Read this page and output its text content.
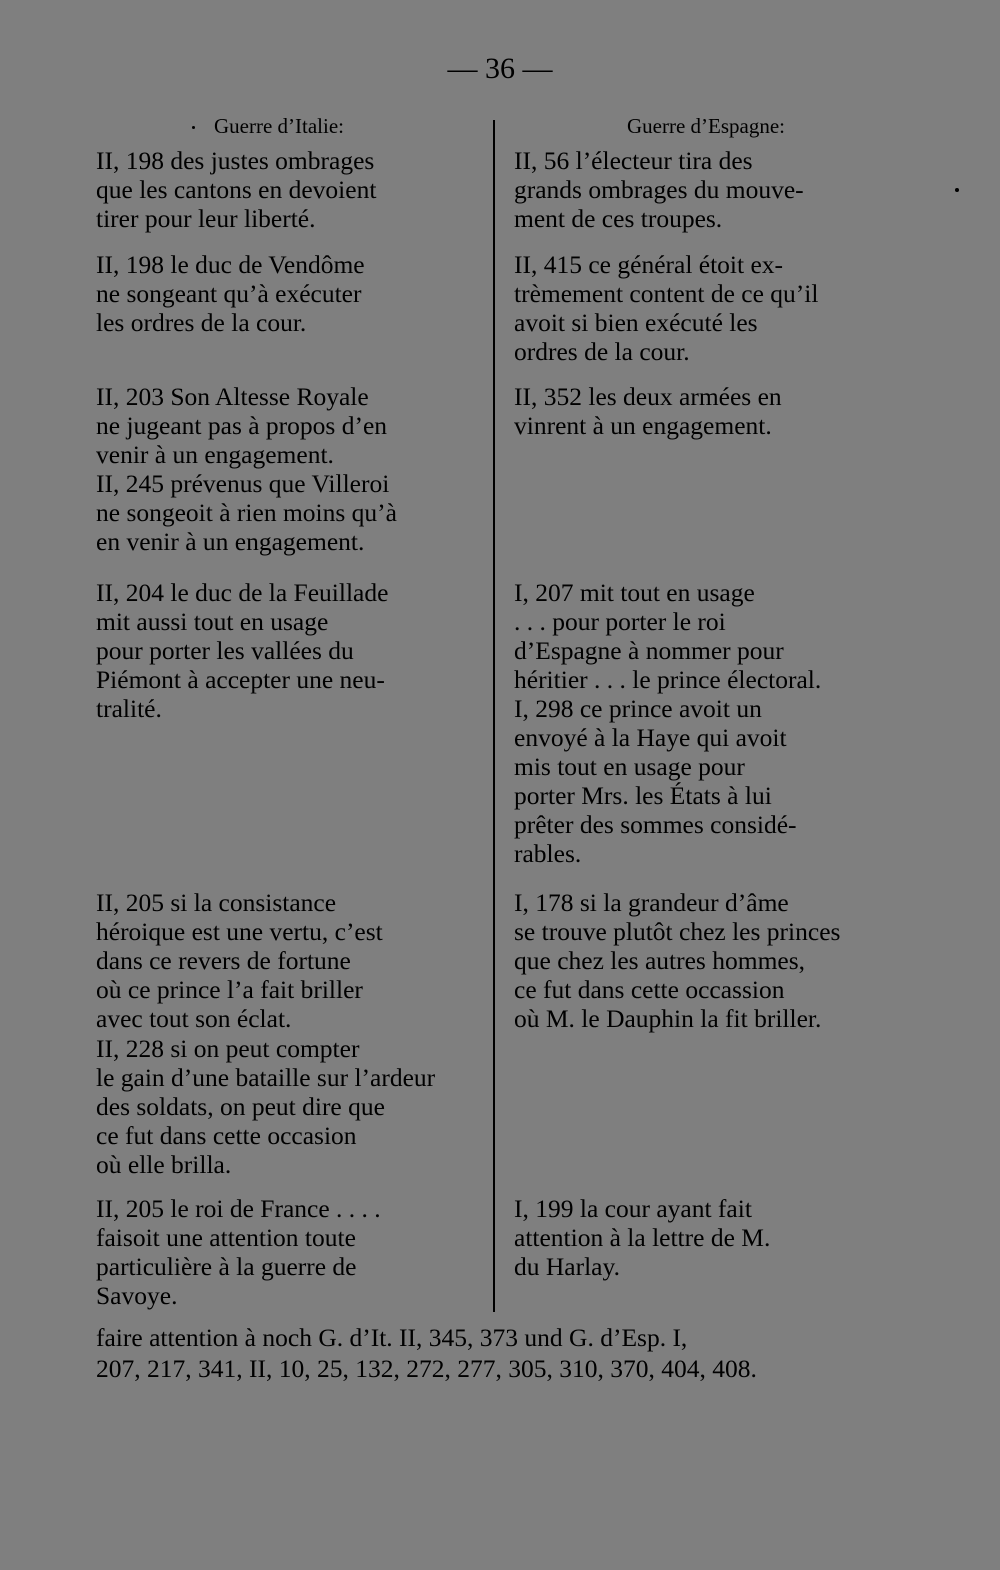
— 36 —

Guerre d’Italie:

II, 198 des justes ombrages
que les cantons en devoient
tirer pour leur liberté.

II, 198 le duc de Vendôme
ne songeant qu’à exécuter
les ordres de la cour.

II, 203 Son Altesse Royale
ne jugeant pas à propos d’en
venir à un engagement.

II, 245 prévenus que Villeroi
ne songeoit à rien moins qu’à
en venir à un engagement.

II, 204 le duc de la Feuillade
mit aussi tout en usage
pour porter les vallées du
Piémont à accepter une neu-
tralité.

II, 205 si la consistance
héroique est une vertu, c’est
dans ce revers de fortune
où ce prince l’a fait briller
avec tout son éclat.

II, 228 si on peut compter
le gain d’une bataille sur l’ardeur
des soldats, on peut dire que
ce fut dans cette occasion
où elle brilla.

II, 205 le roi de France . . . .
faisoit une attention toute
particulière à la guerre de
Savoye.

Guerre d’Espagne:

II, 56 l’électeur tira des
grands ombrages du mouve-
ment de ces troupes.

II, 415 ce général étoit ex-
trèmement content de ce qu’il
avoit si bien exécuté les
ordres de la cour.

II, 352 les deux armées en
vinrent à un engagement.

I, 207 mit tout en usage
. . . pour porter le roi
d’Espagne à nommer pour
héritier . . . le prince électoral.

I, 298 ce prince avoit un
envoyé à la Haye qui avoit
mis tout en usage pour
porter Mrs. les États à lui
prêter des sommes considé-
rables.

I, 178 si la grandeur d’âme
se trouve plutôt chez les princes
que chez les autres hommes,
ce fut dans cette occassion
où M. le Dauphin la fit briller.

I, 199 la cour ayant fait
attention à la lettre de M.
du Harlay.

faire attention à noch G. d’It. II, 345, 373 und G. d’Esp. I,
207, 217, 341, II, 10, 25, 132, 272, 277, 305, 310, 370, 404, 408.
